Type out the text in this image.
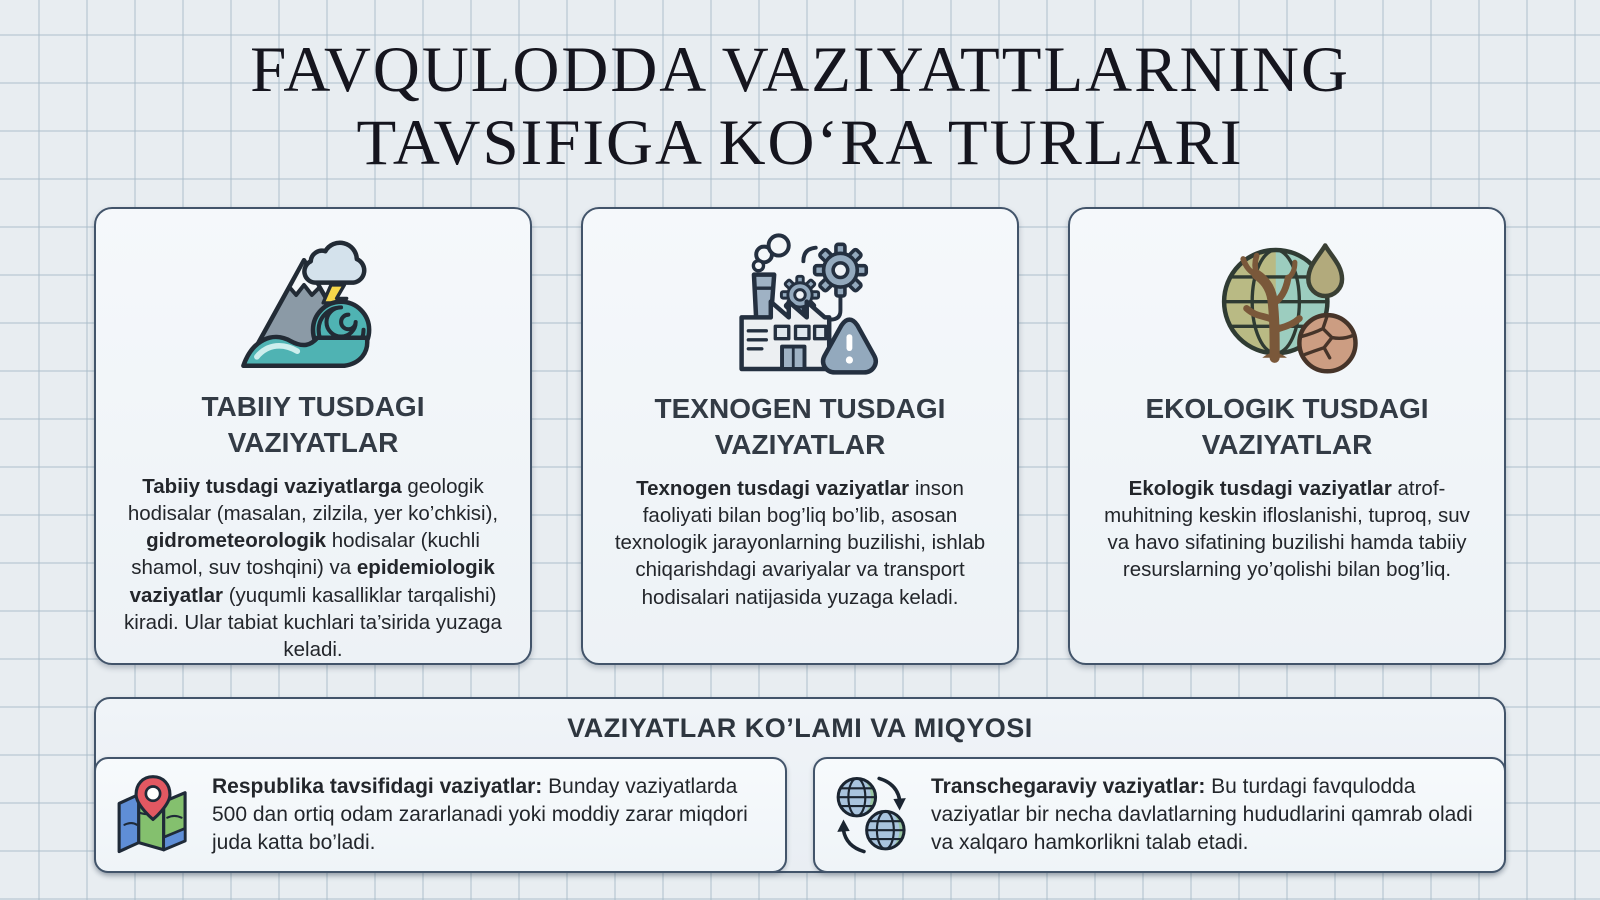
FAVQULODDA VAZIYATTLARNING
TAVSIFIGA KO‘RA TURLARI
TABIIY TUSDAGI VAZIYATLAR

Tabiiy tusdagi vaziyatlarga geologik hodisalar (masalan, zilzila, yer ko’chkisi), gidrometeorologik hodisalar (kuchli shamol, suv toshqini) va epidemiologik vaziyatlar (yuqumli kasalliklar tarqalishi) kiradi. Ular tabiat kuchlari ta’sirida yuzaga keladi.

TEXNOGEN TUSDAGI VAZIYATLAR

Texnogen tusdagi vaziyatlar inson faoliyati bilan bog’liq bo’lib, asosan texnologik jarayonlarning buzilishi, ishlab chiqarishdagi avariyalar va transport hodisalari natijasida yuzaga keladi.

EKOLOGIK TUSDAGI VAZIYATLAR

Ekologik tusdagi vaziyatlar atrof-muhitning keskin ifloslanishi, tuproq, suv va havo sifatining buzilishi hamda tabiiy resurslarning yo’qolishi bilan bog’liq.

VAZIYATLAR KO’LAMI VA MIQYOSI
Respublika tavsifidagi vaziyatlar: Bunday vaziyatlarda 500 dan ortiq odam zararlanadi yoki moddiy zarar miqdori juda katta bo’ladi.
Transchegaraviy vaziyatlar: Bu turdagi favqulodda vaziyatlar bir necha davlatlarning hududlarini qamrab oladi va xalqaro hamkorlikni talab etadi.
